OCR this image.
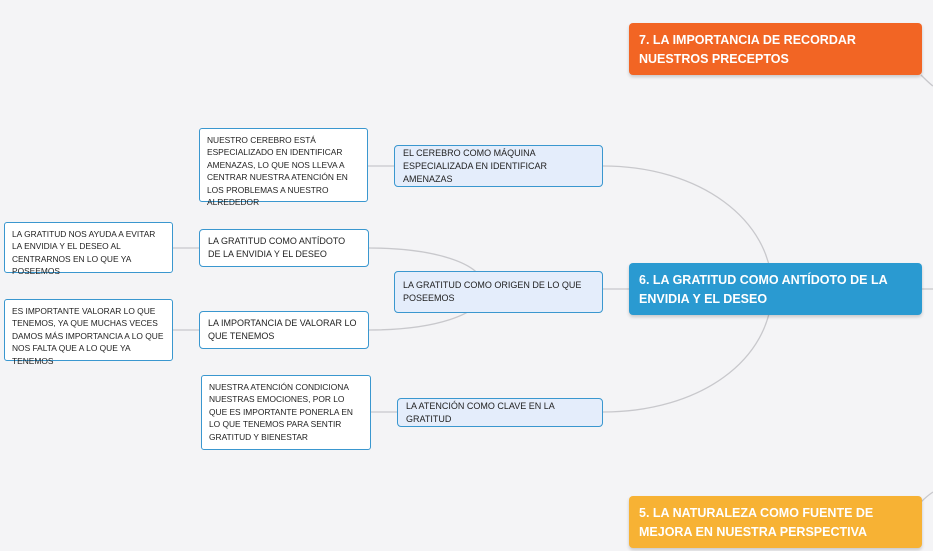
7. LA IMPORTANCIA DE RECORDAR NUESTROS PRECEPTOS
6. LA GRATITUD COMO ANTÍDOTO DE LA ENVIDIA Y EL DESEO
5. LA NATURALEZA COMO FUENTE DE MEJORA EN NUESTRA PERSPECTIVA
EL CEREBRO COMO MÁQUINA ESPECIALIZADA EN IDENTIFICAR AMENAZAS
NUESTRO CEREBRO ESTÁ ESPECIALIZADO EN IDENTIFICAR AMENAZAS, LO QUE NOS LLEVA A CENTRAR NUESTRA ATENCIÓN EN LOS PROBLEMAS A NUESTRO ALREDEDOR
LA GRATITUD COMO ORIGEN DE LO QUE POSEEMOS
LA GRATITUD COMO ANTÍDOTO DE LA ENVIDIA Y EL DESEO
LA GRATITUD NOS AYUDA A EVITAR LA ENVIDIA Y EL DESEO AL CENTRARNOS EN LO QUE YA POSEEMOS
LA IMPORTANCIA DE VALORAR LO QUE TENEMOS
ES IMPORTANTE VALORAR LO QUE TENEMOS, YA QUE MUCHAS VECES DAMOS MÁS IMPORTANCIA A LO QUE NOS FALTA QUE A LO QUE YA TENEMOS
LA ATENCIÓN COMO CLAVE EN LA GRATITUD
NUESTRA ATENCIÓN CONDICIONA NUESTRAS EMOCIONES, POR LO QUE ES IMPORTANTE PONERLA EN LO QUE TENEMOS PARA SENTIR GRATITUD Y BIENESTAR
